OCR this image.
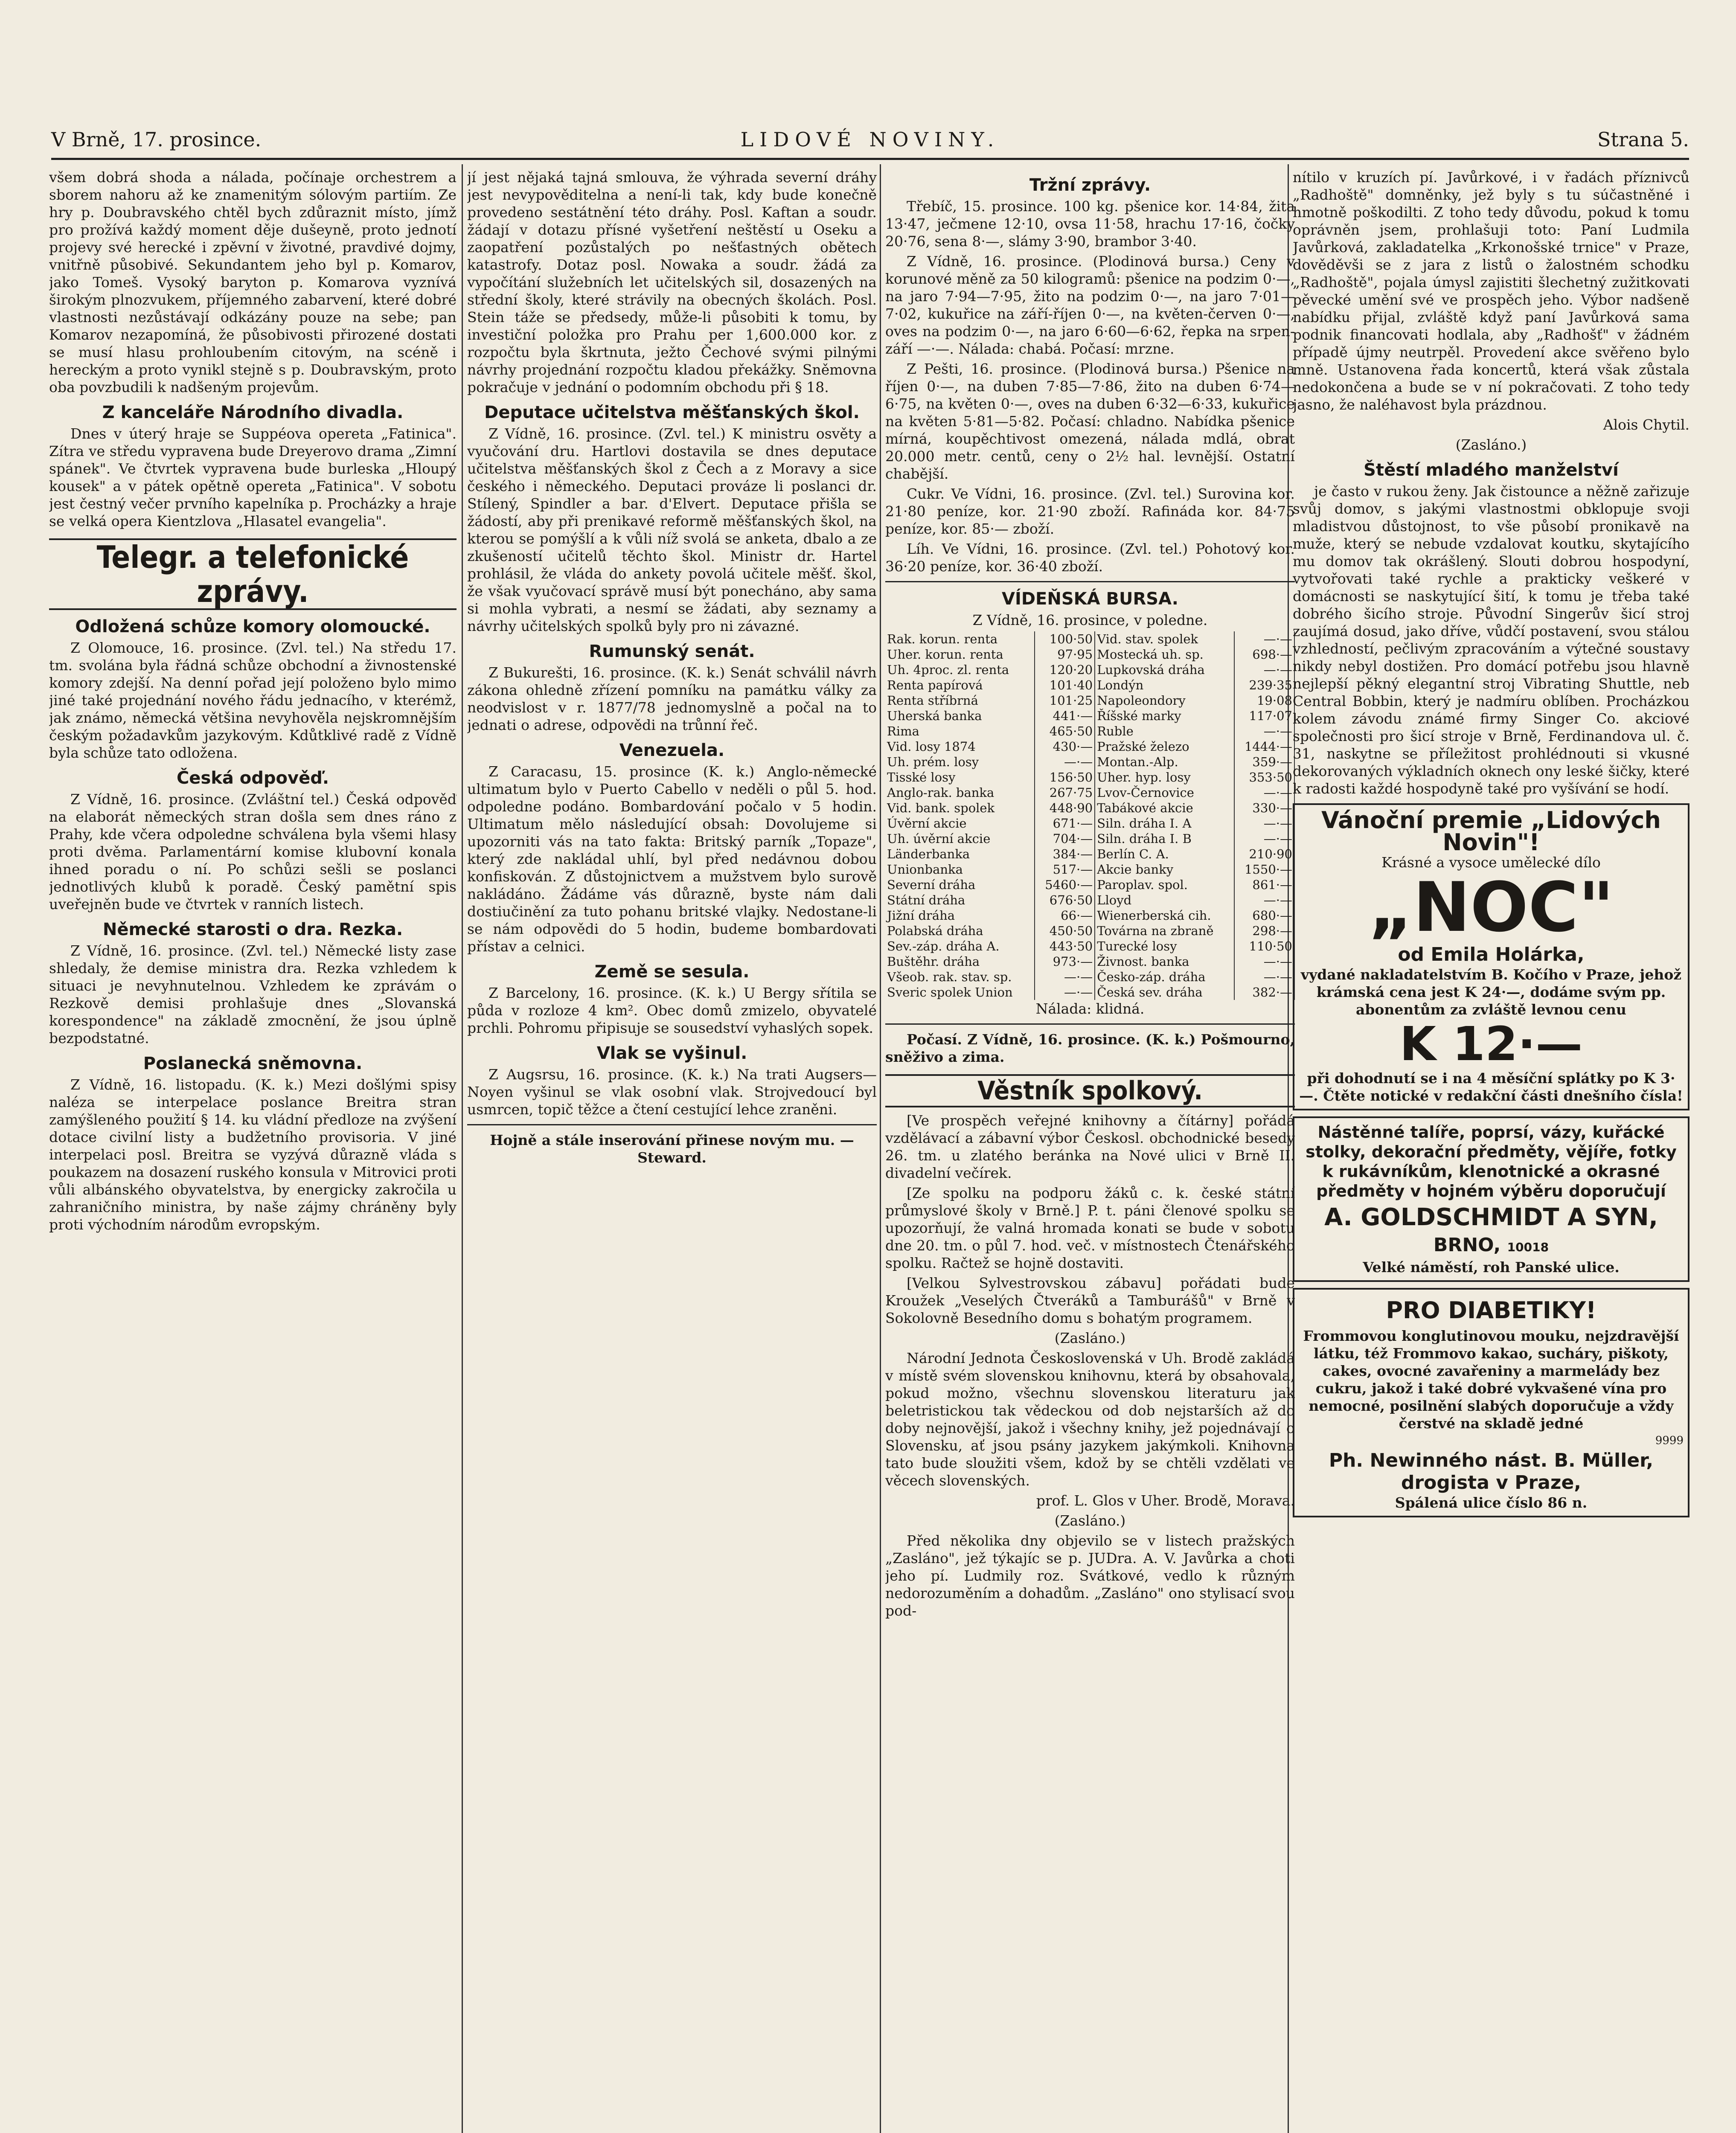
V Brně, 17. prosince.	LIDOVÉ NOVINY.	Strana 5.

všem dobrá shoda a nálada, počínaje orchestrem a sborem nahoru až ke znamenitým sólovým partiím. Ze hry p. Doubravského chtěl bych zdůraznit místo, jímž pro prožívá každý moment děje dušeyně, proto jednotí projevy své herecké i zpěvní v životné, pravdivé dojmy, vnitřně působivé. Sekundantem jeho byl p. Komarov, jako Tomeš. Vysoký baryton p. Komarova vyznívá širokým plnozvukem, příjemného zabarvení, které dobré vlastnosti nezůstávají odkázány pouze na sebe; pan Komarov nezapomíná, že působivosti přirozené dostati se musí hlasu prohloubením citovým, na scéně i hereckým a proto vynikl stejně s p. Doubravským, proto oba povzbudili k nadšeným projevům.

Z kanceláře Národního divadla.

Dnes v úterý hraje se Suppéova opereta „Fatinica". Zítra ve středu vypravena bude Dreyerovo drama „Zimní spánek". Ve čtvrtek vypravena bude burleska „Hloupý kousek" a v pátek opětně opereta „Fatinica". V sobotu jest čestný večer prvního kapelníka p. Procházky a hraje se velká opera Kientzlova „Hlasatel evangelia".

Telegr. a telefonické zprávy.
Odložená schůze komory olomoucké.

Z Olomouce, 16. prosince. (Zvl. tel.) Na středu 17. tm. svolána byla řádná schůze obchodní a živnostenské komory zdejší. Na denní pořad její položeno bylo mimo jiné také projednání nového řádu jednacího, v kterémž, jak známo, německá většina nevyhověla nejskromnějším českým požadavkům jazykovým. Kdůtklivé radě z Vídně byla schůze tato odložena.

Česká odpověď.

Z Vídně, 16. prosince. (Zvláštní tel.) Česká odpověď na elaborát německých stran došla sem dnes ráno z Prahy, kde včera odpoledne schválena byla všemi hlasy proti dvěma. Parlamentární komise klubovní konala ihned poradu o ní. Po schůzi sešli se poslanci jednotlivých klubů k poradě. Český pamětní spis uveřejněn bude ve čtvrtek v ranních listech.

Německé starosti o dra. Rezka.

Z Vídně, 16. prosince. (Zvl. tel.) Německé listy zase shledaly, že demise ministra dra. Rezka vzhledem k situaci je nevyhnutelnou. Vzhledem ke zprávám o Rezkově demisi prohlašuje dnes „Slovanská korespondence" na základě zmocnění, že jsou úplně bezpodstatné.

Poslanecká sněmovna.

Z Vídně, 16. listopadu. (K. k.) Mezi došlými spisy naléza se interpelace poslance Breitra stran zamýšleného použití § 14. ku vládní předloze na zvýšení dotace civilní listy a budžetního provisoria. V jiné interpelaci posl. Breitra se vyzývá důrazně vláda s poukazem na dosazení ruského konsula v Mitrovici proti vůli albánského obyvatelstva, by energicky zakročila u zahraničního ministra, by naše zájmy chráněny byly proti východním národům evropským.

jí jest nějaká tajná smlouva, že výhrada severní dráhy jest nevypověditelna a není-li tak, kdy bude konečně provedeno sestátnění této dráhy. Posl. Kaftan a soudr. žádají v dotazu přísné vyšetření neštěstí u Oseku a zaopatření pozůstalých po nešťastných obětech katastrofy. Dotaz posl. Nowaka a soudr. žádá za vypočítání služebních let učitelských sil, dosazených na střední školy, které strávily na obecných školách. Posl. Stein táže se předsedy, může-li působiti k tomu, by investiční položka pro Prahu per 1,600.000 kor. z rozpočtu byla škrtnuta, ježto Čechové svými pilnými návrhy projednání rozpočtu kladou překážky. Sněmovna pokračuje v jednání o podomním obchodu při § 18.

Deputace učitelstva měšťanských škol.

Z Vídně, 16. prosince. (Zvl. tel.) K ministru osvěty a vyučování dru. Hartlovi dostavila se dnes deputace učitelstva měšťanských škol z Čech a z Moravy a sice českého i německého. Deputaci prováze li poslanci dr. Stílený, Spindler a bar. d'Elvert. Deputace přišla se žádostí, aby při prenikavé reformě měšťanských škol, na kterou se pomýšlí a k vůli níž svolá se anketa, dbalo a ze zkušeností učitelů těchto škol. Ministr dr. Hartel prohlásil, že vláda do ankety povolá učitele měšť. škol, že však vyučovací správě musí být ponecháno, aby sama si mohla vybrati, a nesmí se žádati, aby seznamy a návrhy učitelských spolků byly pro ni závazné.

Rumunský senát.

Z Bukurešti, 16. prosince. (K. k.) Senát schválil návrh zákona ohledně zřízení pomníku na památku války za neodvislost v r. 1877/78 jednomyslně a počal na to jednati o adrese, odpovědi na trůnní řeč.

Venezuela.

Z Caracasu, 15. prosince (K. k.) Anglo-německé ultimatum bylo v Puerto Cabello v neděli o půl 5. hod. odpoledne podáno. Bombardování počalo v 5 hodin. Ultimatum mělo následující obsah: Dovolujeme si upozorniti vás na tato fakta: Britský parník „Topaze", který zde nakládal uhlí, byl před nedávnou dobou konfiskován. Z důstojnictvem a mužstvem bylo surově nakládáno. Žádáme vás důrazně, byste nám dali dostiučinění za tuto pohanu britské vlajky. Nedostane-li se nám odpovědi do 5 hodin, budeme bombardovati přístav a celnici.

Země se sesula.

Z Barcelony, 16. prosince. (K. k.) U Bergy sřítila se půda v rozloze 4 km². Obec domů zmizelo, obyvatelé prchli. Pohromu připisuje se sousedství vyhaslých sopek.

Vlak se vyšinul.

Z Augsrsu, 16. prosince. (K. k.) Na trati Augsers—Noyen vyšinul se vlak osobní vlak. Strojvedoucí byl usmrcen, topič těžce a čtení cestující lehce zraněni.

Hojně a stále inserování přinese novým mu. — Steward.

Tržní zprávy.

Třebíč, 15. prosince. 100 kg. pšenice kor. 14·84, žita 13·47, ječmene 12·10, ovsa 11·58, hrachu 17·16, čočky 20·76, sena 8·—, slámy 3·90, brambor 3·40.

Z Vídně, 16. prosince. (Plodinová bursa.) Ceny v korunové měně za 50 kilogramů: pšenice na podzim 0·—, na jaro 7·94—7·95, žito na podzim 0·—, na jaro 7·01—7·02, kukuřice na září-říjen 0·—, na květen-červen 0·—, oves na podzim 0·—, na jaro 6·60—6·62, řepka na srpen-září —·—. Nálada: chabá. Počasí: mrzne.

Z Pešti, 16. prosince. (Plodinová bursa.) Pšenice na říjen 0·—, na duben 7·85—7·86, žito na duben 6·74—6·75, na květen 0·—, oves na duben 6·32—6·33, kukuřice na květen 5·81—5·82. Počasí: chladno. Nabídka pšenice mírná, koupěchtivost omezená, nálada mdlá, obrat 20.000 metr. centů, ceny o 2½ hal. levnější. Ostatní chabější.

Cukr. Ve Vídni, 16. prosince. (Zvl. tel.) Surovina kor. 21·80 peníze, kor. 21·90 zboží. Rafináda kor. 84·75 peníze, kor. 85·— zboží.

Líh. Ve Vídni, 16. prosince. (Zvl. tel.) Pohotový kor. 36·20 peníze, kor. 36·40 zboží.

VÍDEŇSKÁ BURSA.

Z Vídně, 16. prosince, v poledne.

Rak. korun. renta	100·50	Vid. stav. spolek	—·—
Uher. korun. renta	97·95	Mostecká uh. sp.	698·—
Uh. 4proc. zl. renta	120·20	Lupkovská dráha	—·—
Renta papírová	101·40	Londýn	239·35
Renta stříbrná	101·25	Napoleondory	19·08
Uherská banka	441·—	Říšské marky	117·07
Rima	465·50	Ruble	—·—
Vid. losy 1874	430·—	Pražské železo	1444·—
Uh. prém. losy	—·—	Montan.-Alp.	359·—
Tisské losy	156·50	Uher. hyp. losy	353·50
Anglo-rak. banka	267·75	Lvov-Černovice	—·—
Vid. bank. spolek	448·90	Tabákové akcie	330·—
Úvěrní akcie	671·—	Siln. dráha I. A	—·—
Uh. úvěrní akcie	704·—	Siln. dráha I. B	—·—
Länderbanka	384·—	Berlín C. A.	210·90
Unionbanka	517·—	Akcie banky	1550·—
Severní dráha	5460·—	Paroplav. spol.	861·—
Státní dráha	676·50	Lloyd	—·—
Jižní dráha	66·—	Wienerberská cih.	680·—
Polabská dráha	450·50	Továrna na zbraně	298·—
Sev.-záp. dráha A.	443·50	Turecké losy	110·50
Buštěhr. dráha	973·—	Živnost. banka	—·—
Všeob. rak. stav. sp.	—·—	Česko-záp. dráha	—·—
Sveric spolek Union	—·—	Česká sev. dráha	382·—

Nálada: klidná.

Počasí. Z Vídně, 16. prosince. (K. k.) Pošmourno, sněživo a zima.

Věstník spolkový.

[Ve prospěch veřejné knihovny a čítárny] pořádá vzdělávací a zábavní výbor Českosl. obchodnické besedy 26. tm. u zlatého beránka na Nové ulici v Brně II. divadelní večírek.

[Ze spolku na podporu žáků c. k. české státní průmyslové školy v Brně.] P. t. páni členové spolku se upozorňují, že valná hromada konati se bude v sobotu dne 20. tm. o půl 7. hod. več. v místnostech Čtenářského spolku. Račtež se hojně dostaviti.

[Velkou Sylvestrovskou zábavu] pořádati bude Kroužek „Veselých Čtveráků a Tamburášů" v Brně v Sokolovně Besedního domu s bohatým programem.

(Zasláno.)

Národní Jednota Československá v Uh. Brodě zakládá v místě svém slovenskou knihovnu, která by obsahovala, pokud možno, všechnu slovenskou literaturu jak beletristickou tak vědeckou od dob nejstarších až do doby nejnovější, jakož i všechny knihy, jež pojednávají o Slovensku, ať jsou psány jazykem jakýmkoli. Knihovna tato bude sloužiti všem, kdož by se chtěli vzdělati ve věcech slovenských.

prof. L. Glos v Uher. Brodě, Morava.

(Zasláno.)

Před několika dny objevilo se v listech pražských „Zasláno", jež týkajíc se p. JUDra. A. V. Javůrka a choti jeho pí. Ludmily roz. Svátkové, vedlo k různým nedorozuměním a dohadům. „Zasláno" ono stylisací svou pod-

nítilo v kruzích pí. Javůrkové, i v řadách příznivců „Radhoště" domněnky, jež byly s tu súčastněné i hmotně poškodilti. Z toho tedy důvodu, pokud k tomu oprávněn jsem, prohlašuji toto: Paní Ludmila Javůrková, zakladatelka „Krkonošské trnice" v Praze, dověděvši se z jara z listů o žalostném schodku „Radhoště", pojala úmysl zajistiti šlechetný zužitkovati pěvecké umění své ve prospěch jeho. Výbor nadšeně nabídku přijal, zvláště když paní Javůrková sama podnik financovati hodlala, aby „Radhošť" v žádném případě újmy neutrpěl. Provedení akce svěřeno bylo mně. Ustanovena řada koncertů, která však zůstala nedokončena a bude se v ní pokračovati. Z toho tedy jasno, že naléhavost byla prázdnou.

Alois Chytil.

(Zasláno.)

Štěstí mladého manželství

je často v rukou ženy. Jak čistounce a něžně zařizuje svůj domov, s jakými vlastnostmi obklopuje svoji mladistvou důstojnost, to vše působí pronikavě na muže, který se nebude vzdalovat koutku, skytajícího mu domov tak okrášlený. Slouti dobrou hospodyní, vytvořovati také rychle a prakticky veškeré v domácnosti se naskytující šití, k tomu je třeba také dobrého šicího stroje. Původní Singerův šicí stroj zaujímá dosud, jako dříve, vůdčí postavení, svou stálou vzhledností, pečlivým zpracováním a výtečné soustavy nikdy nebyl dostižen. Pro domácí potřebu jsou hlavně nejlepší pěkný elegantní stroj Vibrating Shuttle, neb Central Bobbin, který je nadmíru oblíben. Procházkou kolem závodu známé firmy Singer Co. akciové společnosti pro šicí stroje v Brně, Ferdinandova ul. č. 31, naskytne se příležitost prohlédnouti si vkusné dekorovaných výkladních oknech ony leské šičky, které k radosti každé hospodyně také pro vyšívání se hodí.

Vánoční premie „Lidových Novin"!
Krásné a vysoce umělecké dílo
„NOC"
od Emila Holárka,
vydané nakladatelstvím B. Kočího v Praze, jehož krámská cena jest K 24·—, dodáme svým pp. abonentům za zvláště levnou cenu
K 12·—
při dohodnutí se i na 4 měsíční splátky po K 3·—. Čtěte notické v redakční části dnešního čísla!
Nástěnné talíře, poprsí, vázy, kuřácké stolky, dekorační předměty, vějíře, fotky k rukávníkům, klenotnické a okrasné předměty v hojném výběru doporučují
A. GOLDSCHMIDT A SYN,
BRNO, 10018
Velké náměstí, roh Panské ulice.
PRO DIABETIKY!
Frommovou konglutinovou mouku, nejzdravější látku, též Frommovo kakao, sucháry, piškoty, cakes, ovocné zavařeniny a marmelády bez cukru, jakož i také dobré vykvašené vína pro nemocné, posilnění slabých doporučuje a vždy čerstvé na skladě jedné
9999
Ph. Newinného nást. B. Müller, drogista v Praze,
Spálená ulice číslo 86 n.
